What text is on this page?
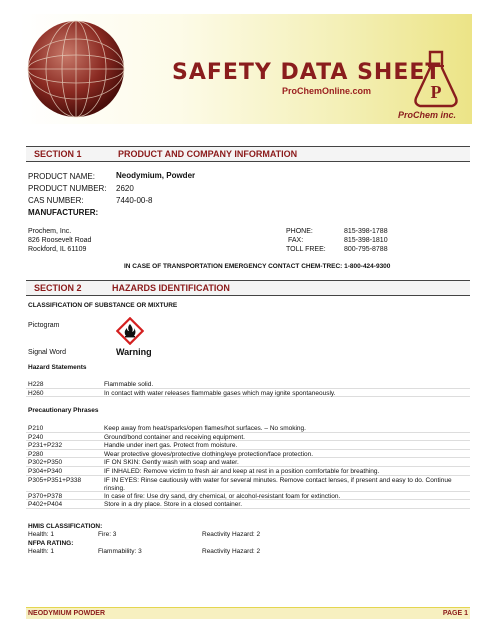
SAFETY DATA SHEET
ProChemOnline.com	P
ProChem inc.
SECTION 1	PRODUCT AND COMPANY INFORMATION
PRODUCT NAME:	Neodymium, Powder
PRODUCT NUMBER: 2620
CAS NUMBER:	7440-00-8
MANUFACTURER:
Prochem, Inc.
826 Roosevelt Road
Rockford, IL 61109
PHONE:	815-398-1788
FAX:	815-398-1810
TOLL FREE:	800-795-8788
IN CASE OF TRANSPORTATION EMERGENCY CONTACT CHEM-TREC: 1-800-424-9300
SECTION 2	HAZARDS IDENTIFICATION
CLASSIFICATION OF SUBSTANCE OR MIXTURE
Pictogram
Signal Word	Warning
Hazard Statements
H228	Flammable solid.
H260	In contact with water releases flammable gases which may ignite spontaneously.
Precautionary Phrases
P210	Keep away from heat/sparks/open flames/hot surfaces. – No smoking.
P240	Ground/bond container and receiving equipment.
P231+P232	Handle under inert gas. Protect from moisture.
P280	Wear protective gloves/protective clothing/eye protection/face protection.
P302+P350	IF ON SKIN: Gently wash with soap and water.
P304+P340	IF INHALED: Remove victim to fresh air and keep at rest in a position comfortable for breathing.
P305+P351+P338	IF IN EYES: Rinse cautiously with water for several minutes. Remove contact lenses, if present and easy to do. Continue rinsing.
P370+P378	In case of fire: Use dry sand, dry chemical, or alcohol-resistant foam for extinction.
P402+P404	Store in a dry place. Store in a closed container.
HMIS CLASSIFICATION:
Health: 1	Fire: 3	Reactivity Hazard: 2
NFPA RATING:
Health: 1	Flammability: 3	Reactivity Hazard: 2
NEODYMIUM POWDER	PAGE 1
